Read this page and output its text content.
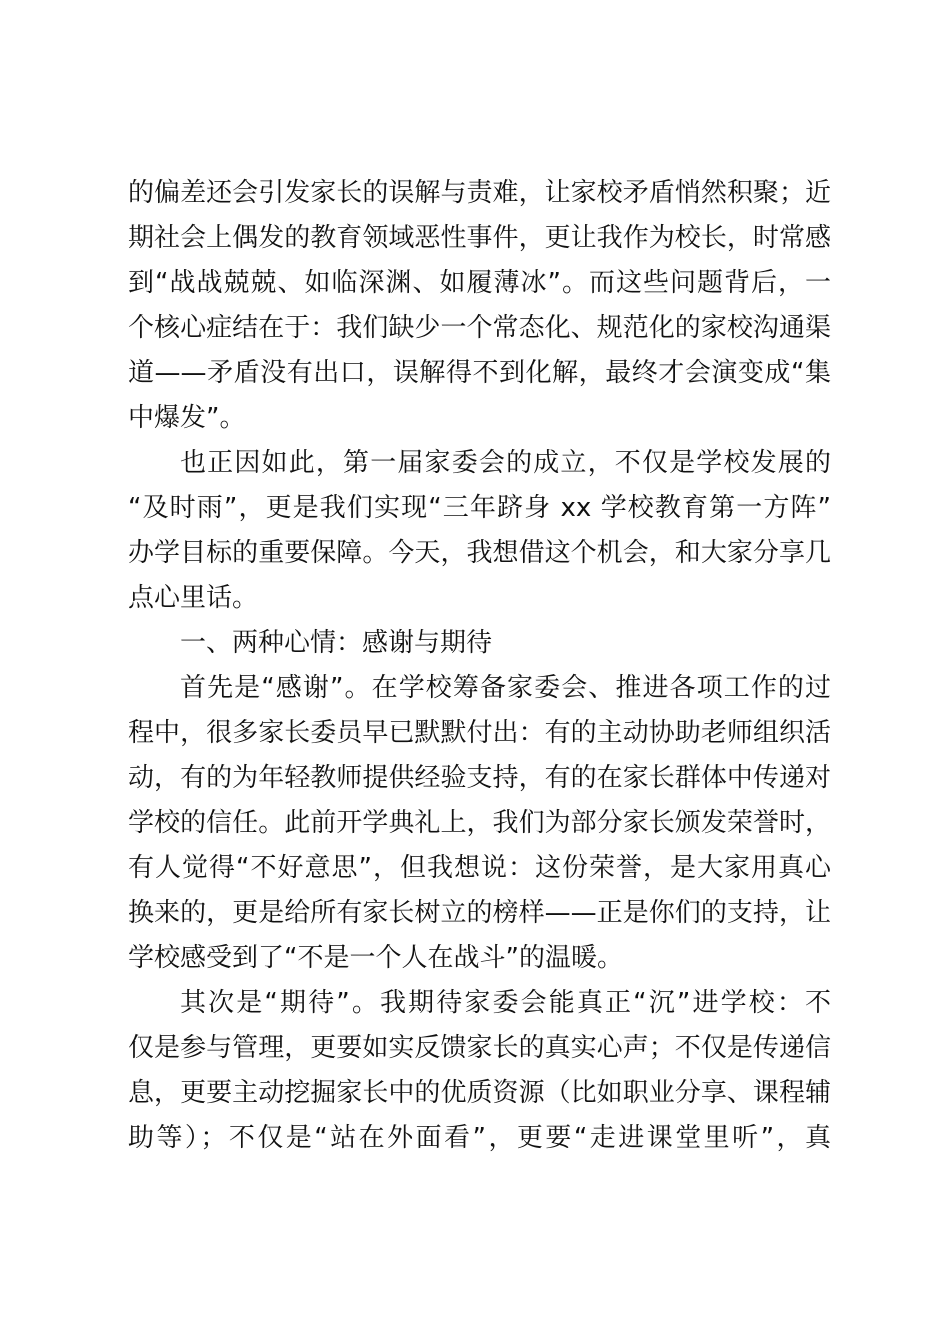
的偏差还会引发家长的误解与责难，让家校矛盾悄然积聚；近
期社会上偶发的教育领域恶性事件，更让我作为校长，时常感
到“战战兢兢、如临深渊、如履薄冰”。而这些问题背后，一
个核心症结在于：我们缺少一个常态化、规范化的家校沟通渠
道——矛盾没有出口，误解得不到化解，最终才会演变成“集
中爆发”。
也正因如此，第一届家委会的成立，不仅是学校发展的
“及时雨”，更是我们实现“三年跻身 xx 学校教育第一方阵”
办学目标的重要保障。今天，我想借这个机会，和大家分享几
点心里话。
一、两种心情：感谢与期待
首先是“感谢”。在学校筹备家委会、推进各项工作的过
程中，很多家长委员早已默默付出：有的主动协助老师组织活
动，有的为年轻教师提供经验支持，有的在家长群体中传递对
学校的信任。此前开学典礼上，我们为部分家长颁发荣誉时，
有人觉得“不好意思”，但我想说：这份荣誉，是大家用真心
换来的，更是给所有家长树立的榜样——正是你们的支持，让
学校感受到了“不是一个人在战斗”的温暖。
其次是“期待”。我期待家委会能真正“沉”进学校：不
仅是参与管理，更要如实反馈家长的真实心声；不仅是传递信
息，更要主动挖掘家长中的优质资源（比如职业分享、课程辅
助等）；不仅是“站在外面看”，更要“走进课堂里听”，真
